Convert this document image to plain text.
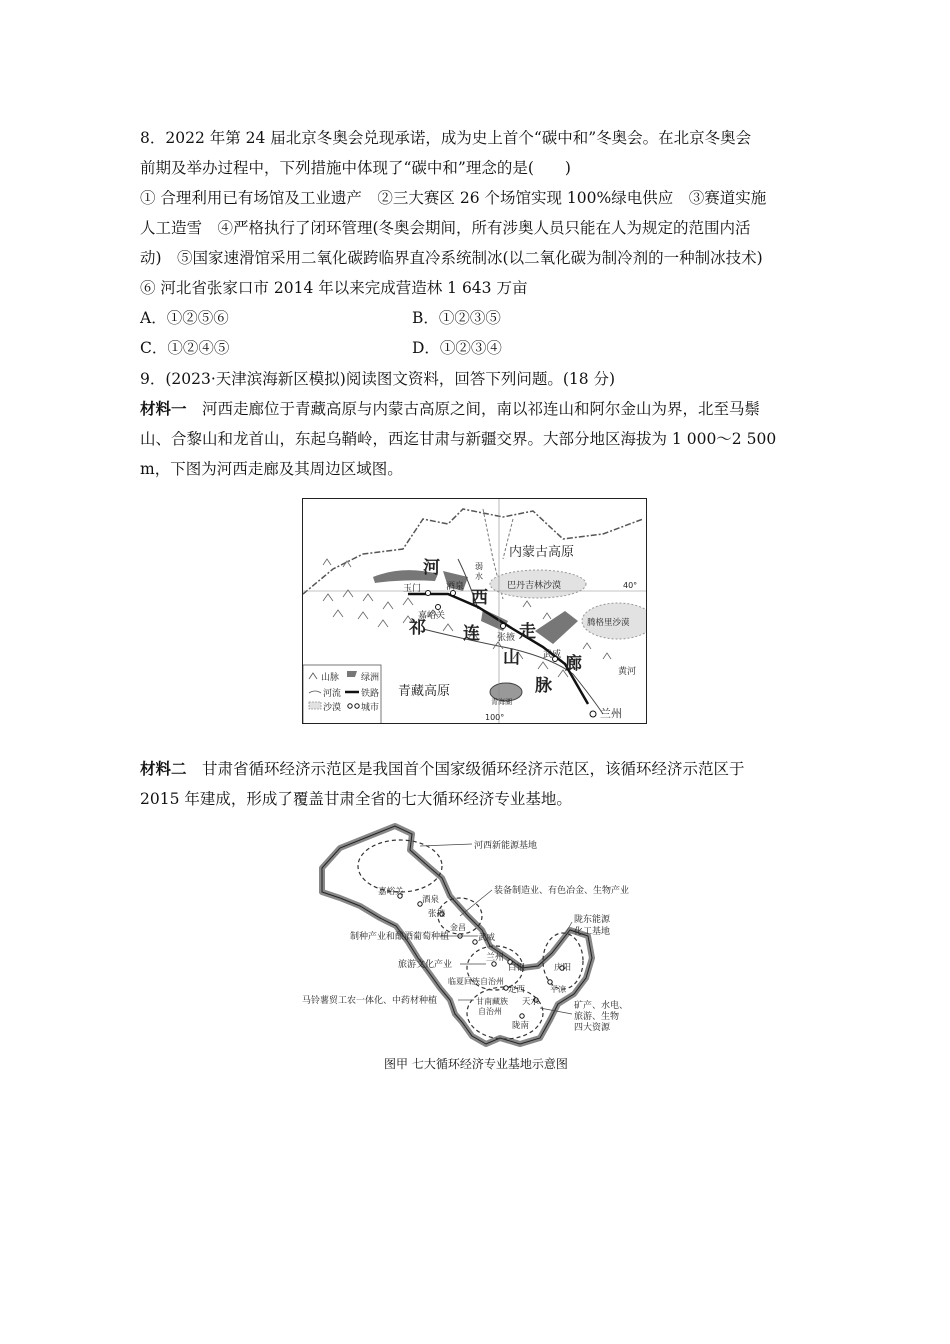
8．2022 年第 24 届北京冬奥会兑现承诺，成为史上首个“碳中和”冬奥会。在北京冬奥会
前期及举办过程中，下列措施中体现了“碳中和”理念的是(　　)
① 合理利用已有场馆及工业遗产　②三大赛区 26 个场馆实现 100%绿电供应　③赛道实施
人工造雪　④严格执行了闭环管理(冬奥会期间，所有涉奥人员只能在人为规定的范围内活
动)　⑤国家速滑馆采用二氧化碳跨临界直冷系统制冰(以二氧化碳为制冷剂的一种制冰技术)
⑥ 河北省张家口市 2014 年以来完成营造林 1 643 万亩
A．①②⑤⑥	B．①②③⑤
C．①②④⑤	D．①②③④
9．(2023·天津滨海新区模拟)阅读图文资料，回答下列问题。(18 分)
材料一　河西走廊位于青藏高原与内蒙古高原之间，南以祁连山和阿尔金山为界，北至马鬃
山、合黎山和龙首山，东起乌鞘岭，西迄甘肃与新疆交界。大部分地区海拔为 1 000～2 500
m，下图为河西走廊及其周边区域图。
内蒙古高原
巴丹吉林沙漠
腾格里沙漠
青藏高原
河
西
走
廊
祁 连
山
脉
玉门	酒泉
嘉峪关
张掖
武威
兰州
青海湖
弱
水
黄河
40°
100°
山脉 绿洲
河流 铁路
沙漠 城市
材料二　甘肃省循环经济示范区是我国首个国家级循环经济示范区，该循环经济示范区于
2015 年建成，形成了覆盖甘肃全省的七大循环经济专业基地。
河西新能源基地
装备制造业、有色冶金、生物产业
陇东能源
化工基地
制种产业和酿酒葡萄种植
旅游文化产业
马铃薯贸工农一体化、中药材种植	矿产、水电、
旅游、生物
四大资源
嘉峪关
酒泉
张掖
金昌
武威
兰州
白银	庆阳
平凉
临夏回族自治州
定西
甘南藏族
自治州
天水
陇南
图甲 七大循环经济专业基地示意图
